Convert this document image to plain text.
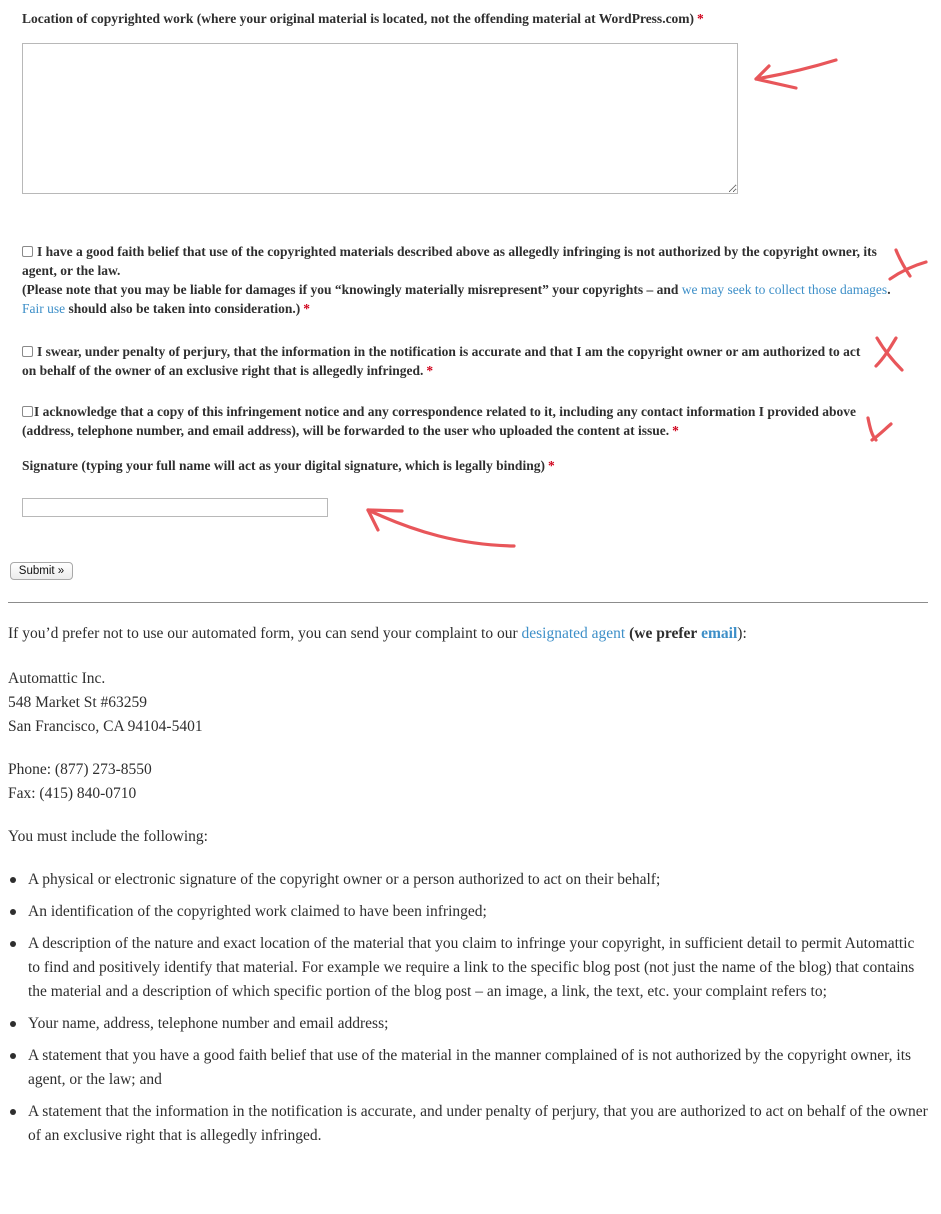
Location of copyrighted work (where your original material is located, not the offending material at WordPress.com) *
I have a good faith belief that use of the copyrighted materials described above as allegedly infringing is not authorized by the copyright owner, its agent, or the law.
(Please note that you may be liable for damages if you “knowingly materially misrepresent” your copyrights – and we may seek to collect those damages. Fair use should also be taken into consideration.) *
I swear, under penalty of perjury, that the information in the notification is accurate and that I am the copyright owner or am authorized to act on behalf of the owner of an exclusive right that is allegedly infringed. *
I acknowledge that a copy of this infringement notice and any correspondence related to it, including any contact information I provided above (address, telephone number, and email address), will be forwarded to the user who uploaded the content at issue. *
Signature (typing your full name will act as your digital signature, which is legally binding) *
Submit »
If you’d prefer not to use our automated form, you can send your complaint to our designated agent (we prefer email):
Automattic Inc.
548 Market St #63259
San Francisco, CA 94104-5401
Phone: (877) 273-8550
Fax: (415) 840-0710
You must include the following:
A physical or electronic signature of the copyright owner or a person authorized to act on their behalf;
An identification of the copyrighted work claimed to have been infringed;
A description of the nature and exact location of the material that you claim to infringe your copyright, in sufficient detail to permit Automattic to find and positively identify that material. For example we require a link to the specific blog post (not just the name of the blog) that contains the material and a description of which specific portion of the blog post – an image, a link, the text, etc. your complaint refers to;
Your name, address, telephone number and email address;
A statement that you have a good faith belief that use of the material in the manner complained of is not authorized by the copyright owner, its agent, or the law; and
A statement that the information in the notification is accurate, and under penalty of perjury, that you are authorized to act on behalf of the owner of an exclusive right that is allegedly infringed.
